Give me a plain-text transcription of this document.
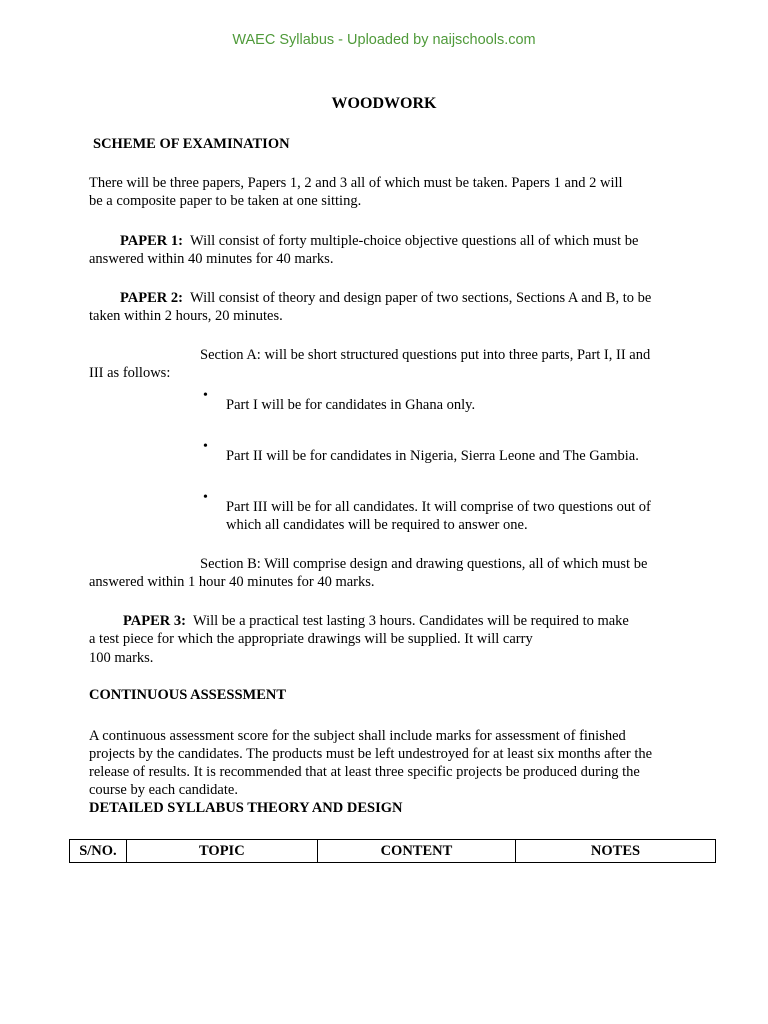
WAEC Syllabus - Uploaded by naijschools.com
WOODWORK
SCHEME OF EXAMINATION
There will be three papers, Papers 1, 2 and 3 all of which must be taken. Papers 1 and 2 will
be a composite paper to be taken at one sitting.
PAPER 1: Will consist of forty multiple-choice objective questions all of which must be
answered within 40 minutes for 40 marks.
PAPER 2: Will consist of theory and design paper of two sections, Sections A and B, to be
taken within 2 hours, 20 minutes.
Section A: will be short structured questions put into three parts, Part I, II and
III as follows:
•
Part I will be for candidates in Ghana only.
•
Part II will be for candidates in Nigeria, Sierra Leone and The Gambia.
•
Part III will be for all candidates. It will comprise of two questions out of
which all candidates will be required to answer one.
Section B: Will comprise design and drawing questions, all of which must be
answered within 1 hour 40 minutes for 40 marks.
PAPER 3: Will be a practical test lasting 3 hours. Candidates will be required to make
a test piece for which the appropriate drawings will be supplied. It will carry
100 marks.
CONTINUOUS ASSESSMENT
A continuous assessment score for the subject shall include marks for assessment of finished
projects by the candidates. The products must be left undestroyed for at least six months after the
release of results. It is recommended that at least three specific projects be produced during the
course by each candidate.
DETAILED SYLLABUS THEORY AND DESIGN
S/NO.	TOPIC	CONTENT	NOTES
